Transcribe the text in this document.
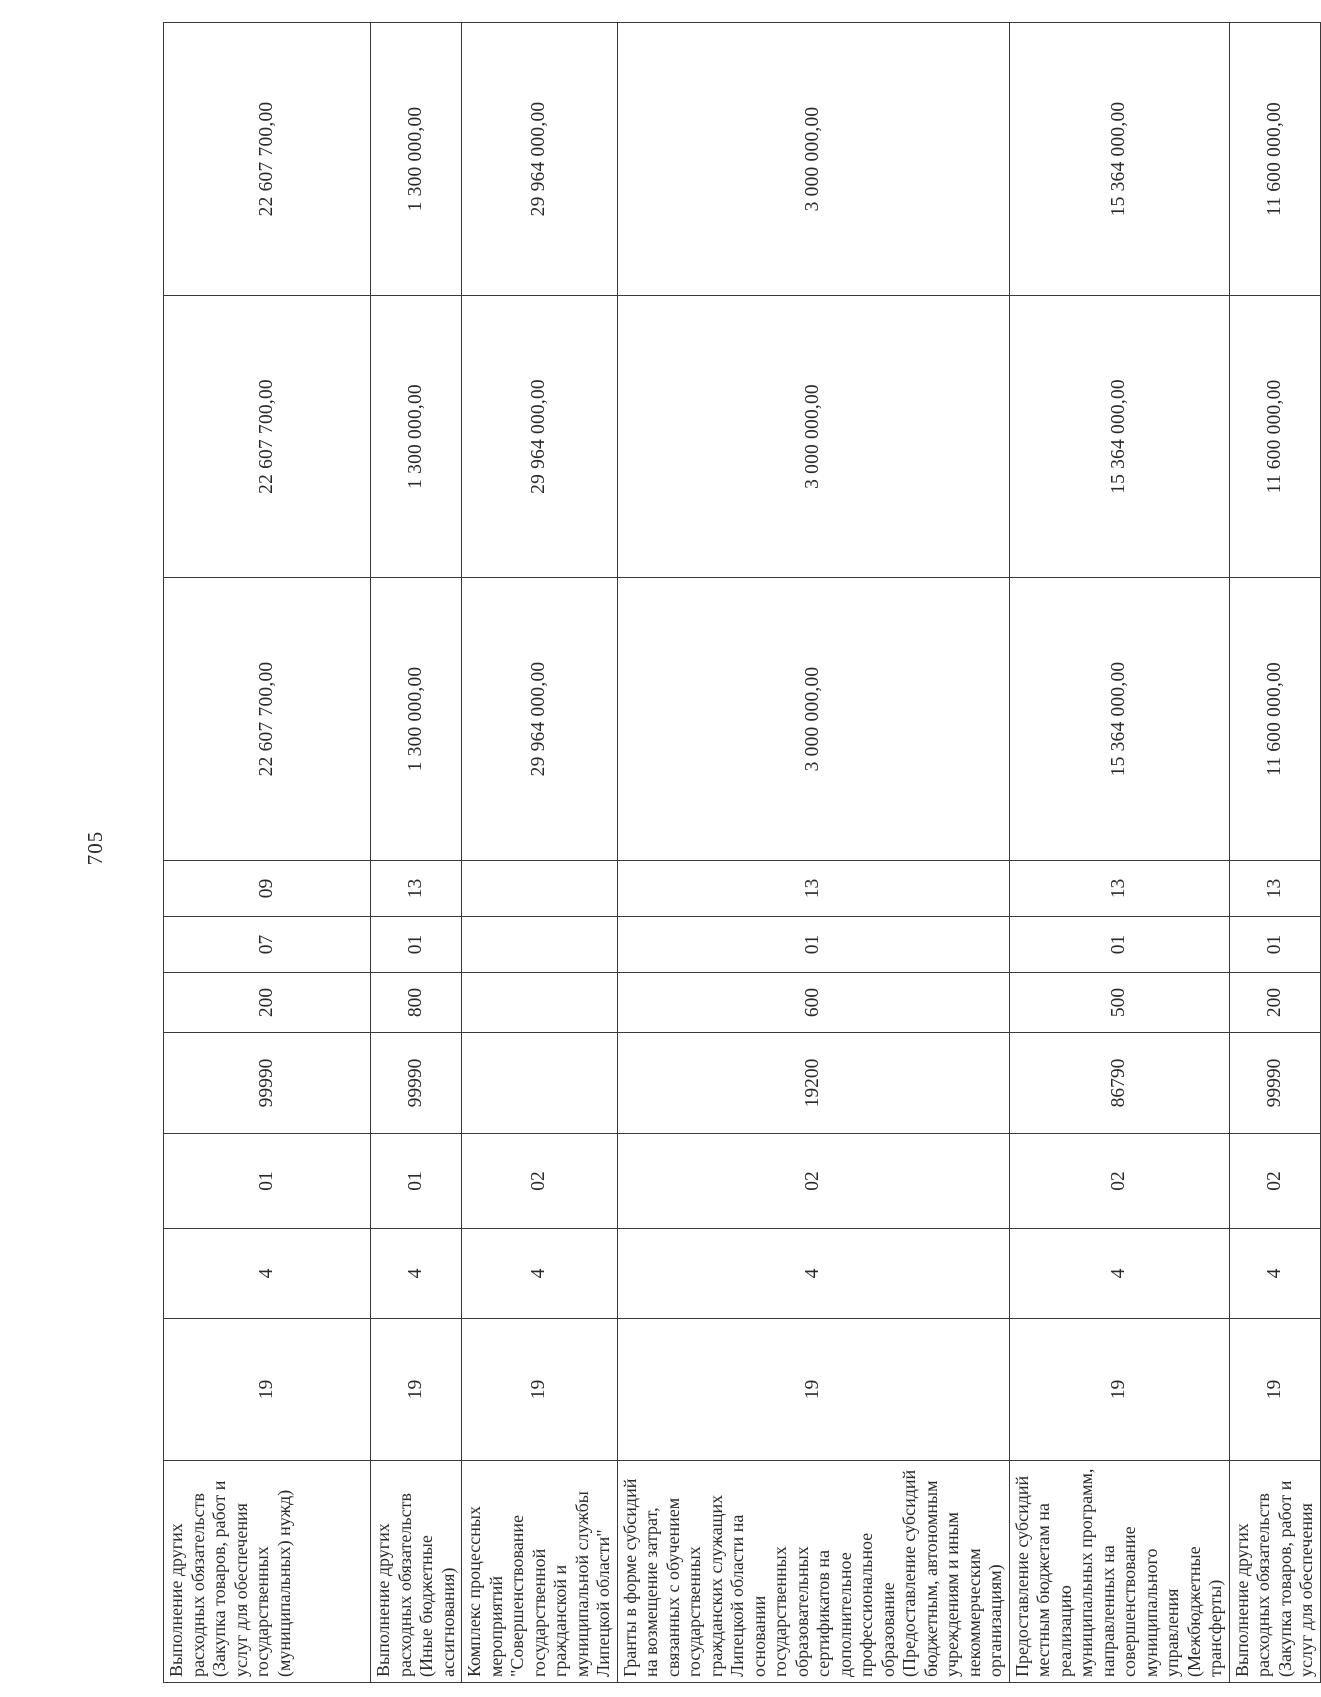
705
Выполнение других расходных обязательств (Закупка товаров, работ и услуг для обеспечения государственных (муниципальных) нужд)	19	4	01	99990	200	07	09	22 607 700,00	22 607 700,00	22 607 700,00
Выполнение других расходных обязательств (Иные бюджетные ассигнования)	19	4	01	99990	800	01	13	1 300 000,00	1 300 000,00	1 300 000,00
Комплекс процессных мероприятий "Совершенствование государственной гражданской и муниципальной службы Липецкой области"	19	4	02					29 964 000,00	29 964 000,00	29 964 000,00
Гранты в форме субсидий на возмещение затрат, связанных с обучением государственных гражданских служащих Липецкой области на основании государственных образовательных сертификатов на дополнительное профессиональное образование (Предоставление субсидий бюджетным, автономным учреждениям и иным некоммерческим организациям)	19	4	02	19200	600	01	13	3 000 000,00	3 000 000,00	3 000 000,00
Предоставление субсидий местным бюджетам на реализацию муниципальных программ, направленных на совершенствование муниципального управления (Межбюджетные трансферты)	19	4	02	86790	500	01	13	15 364 000,00	15 364 000,00	15 364 000,00
Выполнение других расходных обязательств (Закупка товаров, работ и услуг для обеспечения	19	4	02	99990	200	01	13	11 600 000,00	11 600 000,00	11 600 000,00
